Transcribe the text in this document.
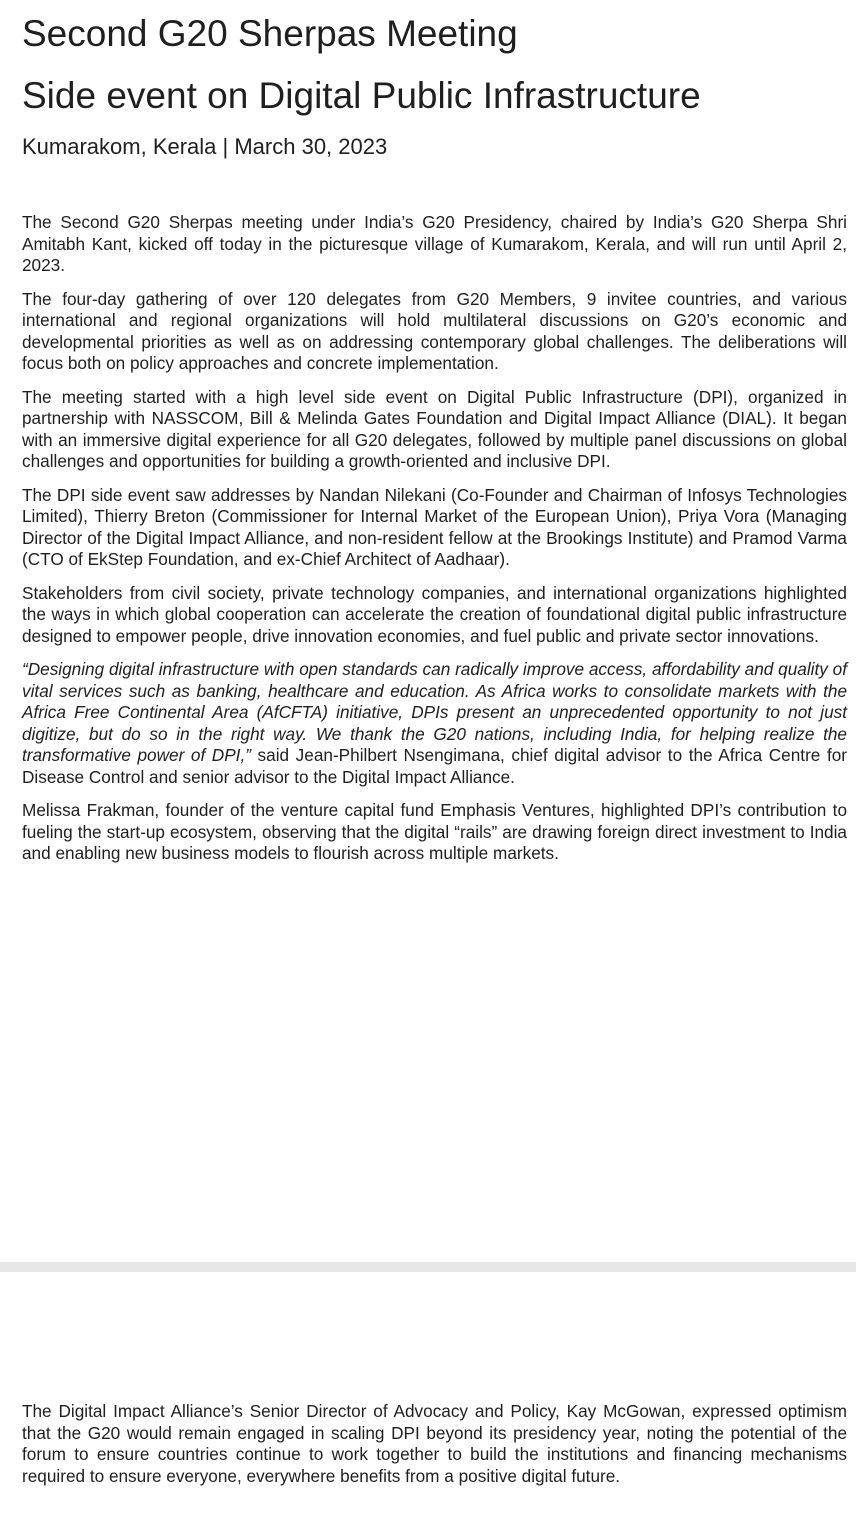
Second G20 Sherpas Meeting
Side event on Digital Public Infrastructure
Kumarakom, Kerala | March 30, 2023

The Second G20 Sherpas meeting under India’s G20 Presidency, chaired by India’s G20 Sherpa Shri Amitabh Kant, kicked off today in the picturesque village of Kumarakom, Kerala, and will run until April 2, 2023.

The four-day gathering of over 120 delegates from G20 Members, 9 invitee countries, and various international and regional organizations will hold multilateral discussions on G20’s economic and developmental priorities as well as on addressing contemporary global challenges. The deliberations will focus both on policy approaches and concrete implementation.

The meeting started with a high level side event on Digital Public Infrastructure (DPI), organized in partnership with NASSCOM, Bill & Melinda Gates Foundation and Digital Impact Alliance (DIAL). It began with an immersive digital experience for all G20 delegates, followed by multiple panel discussions on global challenges and opportunities for building a growth-oriented and inclusive DPI.

The DPI side event saw addresses by Nandan Nilekani (Co-Founder and Chairman of Infosys Technologies Limited), Thierry Breton (Commissioner for Internal Market of the European Union), Priya Vora (Managing Director of the Digital Impact Alliance, and non-resident fellow at the Brookings Institute) and Pramod Varma (CTO of EkStep Foundation, and ex-Chief Architect of Aadhaar).

Stakeholders from civil society, private technology companies, and international organizations highlighted the ways in which global cooperation can accelerate the creation of foundational digital public infrastructure designed to empower people, drive innovation economies, and fuel public and private sector innovations.

“Designing digital infrastructure with open standards can radically improve access, affordability and quality of vital services such as banking, healthcare and education. As Africa works to consolidate markets with the Africa Free Continental Area (AfCFTA) initiative, DPIs present an unprecedented opportunity to not just digitize, but do so in the right way. We thank the G20 nations, including India, for helping realize the transformative power of DPI,” said Jean-Philbert Nsengimana, chief digital advisor to the Africa Centre for Disease Control and senior advisor to the Digital Impact Alliance.

Melissa Frakman, founder of the venture capital fund Emphasis Ventures, highlighted DPI’s contribution to fueling the start-up ecosystem, observing that the digital “rails” are drawing foreign direct investment to India and enabling new business models to flourish across multiple markets.

The Digital Impact Alliance’s Senior Director of Advocacy and Policy, Kay McGowan, expressed optimism that the G20 would remain engaged in scaling DPI beyond its presidency year, noting the potential of the forum to ensure countries continue to work together to build the institutions and financing mechanisms required to ensure everyone, everywhere benefits from a positive digital future.
